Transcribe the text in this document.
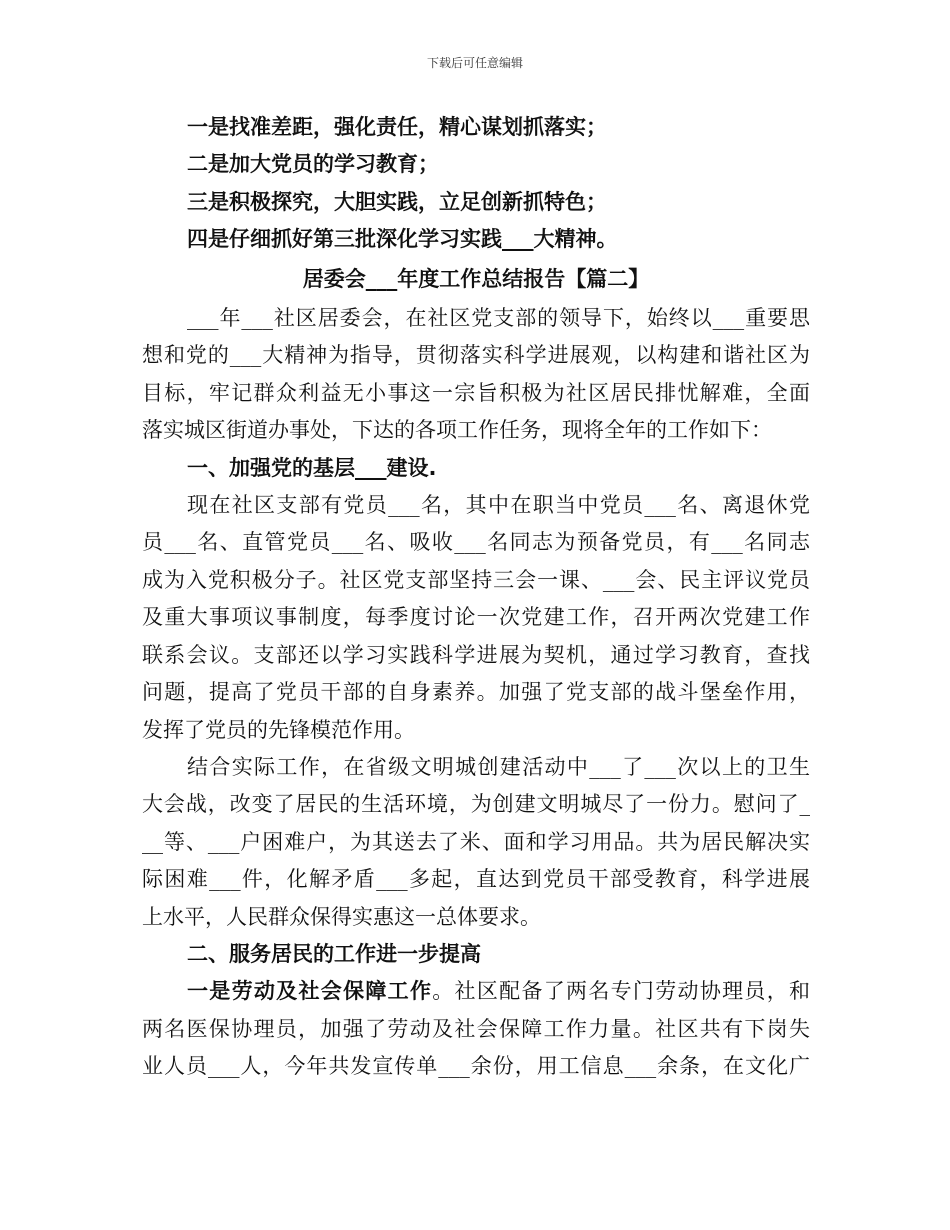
下载后可任意编辑
一是找准差距，强化责任，精心谋划抓落实；
二是加大党员的学习教育；
三是积极探究，大胆实践，立足创新抓特色；
四是仔细抓好第三批深化学习实践___大精神。
居委会___年度工作总结报告【篇二】
___年___社区居委会，在社区党支部的领导下，始终以___重要思
想和党的___大精神为指导，贯彻落实科学进展观，以构建和谐社区为
目标，牢记群众利益无小事这一宗旨积极为社区居民排忧解难，全面
落实城区街道办事处，下达的各项工作任务，现将全年的工作如下：
一、加强党的基层___建设.
现在社区支部有党员___名，其中在职当中党员___名、离退休党
员___名、直管党员___名、吸收___名同志为预备党员，有___名同志
成为入党积极分子。社区党支部坚持三会一课、___会、民主评议党员
及重大事项议事制度，每季度讨论一次党建工作，召开两次党建工作
联系会议。支部还以学习实践科学进展为契机，通过学习教育，查找
问题，提高了党员干部的自身素养。加强了党支部的战斗堡垒作用，
发挥了党员的先锋模范作用。
结合实际工作，在省级文明城创建活动中___了___次以上的卫生
大会战，改变了居民的生活环境，为创建文明城尽了一份力。慰问了_
__等、___户困难户，为其送去了米、面和学习用品。共为居民解决实
际困难___件，化解矛盾___多起，直达到党员干部受教育，科学进展
上水平，人民群众保得实惠这一总体要求。
二、服务居民的工作进一步提高
一是劳动及社会保障工作。社区配备了两名专门劳动协理员，和
两名医保协理员，加强了劳动及社会保障工作力量。社区共有下岗失
业人员___人，今年共发宣传单___余份，用工信息___余条，在文化广
